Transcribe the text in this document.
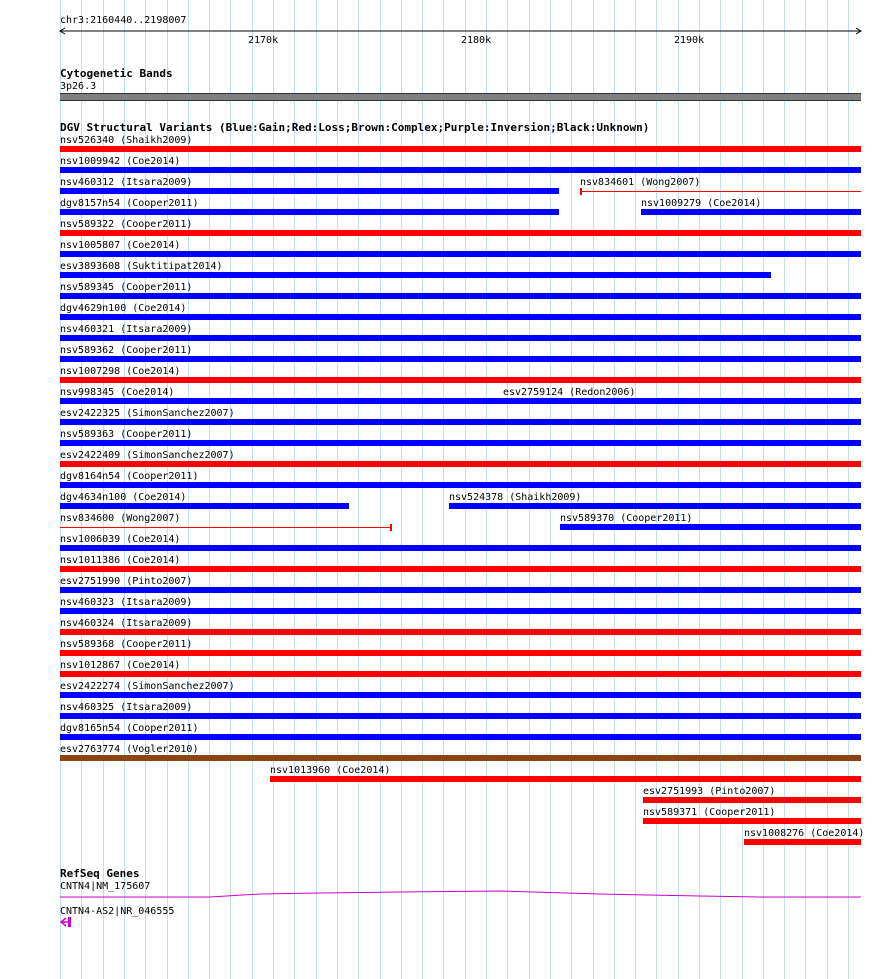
chr3:2160440..2198007
2170k	2180k	2190k
Cytogenetic Bands
3p26.3
DGV Structural Variants (Blue:Gain;Red:Loss;Brown:Complex;Purple:Inversion;Black:Unknown)
nsv526340 (Shaikh2009)
nsv1009942 (Coe2014)
nsv460312 (Itsara2009)	nsv834601 (Wong2007)
dgv8157n54 (Cooper2011)	nsv1009279 (Coe2014)
nsv589322 (Cooper2011)
nsv1005807 (Coe2014)
esv3893608 (Suktitipat2014)
nsv589345 (Cooper2011)
dgv4629n100 (Coe2014)
nsv460321 (Itsara2009)
nsv589362 (Cooper2011)
nsv1007298 (Coe2014)
nsv998345 (Coe2014)	esv2759124 (Redon2006)
esv2422325 (SimonSanchez2007)
nsv589363 (Cooper2011)
esv2422409 (SimonSanchez2007)
dgv8164n54 (Cooper2011)
dgv4634n100 (Coe2014)	nsv524378 (Shaikh2009)
nsv834600 (Wong2007)	nsv589370 (Cooper2011)
nsv1006039 (Coe2014)
nsv1011386 (Coe2014)
esv2751990 (Pinto2007)
nsv460323 (Itsara2009)
nsv460324 (Itsara2009)
nsv589368 (Cooper2011)
nsv1012867 (Coe2014)
esv2422274 (SimonSanchez2007)
nsv460325 (Itsara2009)
dgv8165n54 (Cooper2011)
esv2763774 (Vogler2010)
nsv1013960 (Coe2014)
esv2751993 (Pinto2007)
nsv589371 (Cooper2011)
nsv1008276 (Coe2014)
RefSeq Genes
CNTN4|NM_175607
CNTN4-AS2|NR_046555
